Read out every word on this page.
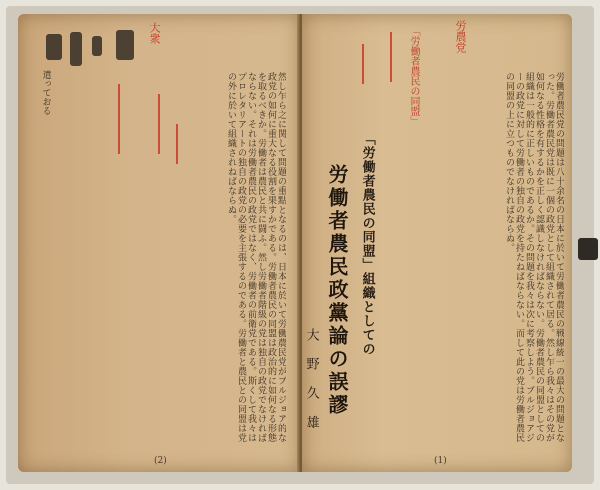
大衆
然し乍ら之に関して問題の重點となるのは、日本に於いて労働農民党がブルジョア的な政党の如何に重大なる役割を果すかである。労働者農民の同盟は政治的に如何なる形態を取るべきか。労働者は農民と共に闘ふ。然し労働者階級の党は独自の政党でなければならない。それは労働者農民の政党ではなく、労働者の前衛党である。斯くして我々はプロレタリアートの独自の政党の必要を主張するのである。労働者と農民との同盟は党の外に於いて組織されねばならぬ。
遣っておる
(2)
労働者農民党の問題は八十余名の日本に於いて労働者農民の戦線統一の最大の問題となった。労働者農民党は既に一個の政党として組織されて居る。然し乍ら我々はその党が如何なる性格を有するかを正しく認識しなければならない。労働者農民の同盟としての組織は一般的に正しいものであるか。その問題を我々は次に考察しよう。ブルジョアジーの政党に対して労働者の独自の政党を持たねばならない。而して此の党は労働者農民の同盟の上に立つものでなければならぬ。
「労働者農民の同盟」組織としての
労働者農民政黨論の誤謬
大 野 久 雄
労農党
「労働者農民の同盟」
(1)
